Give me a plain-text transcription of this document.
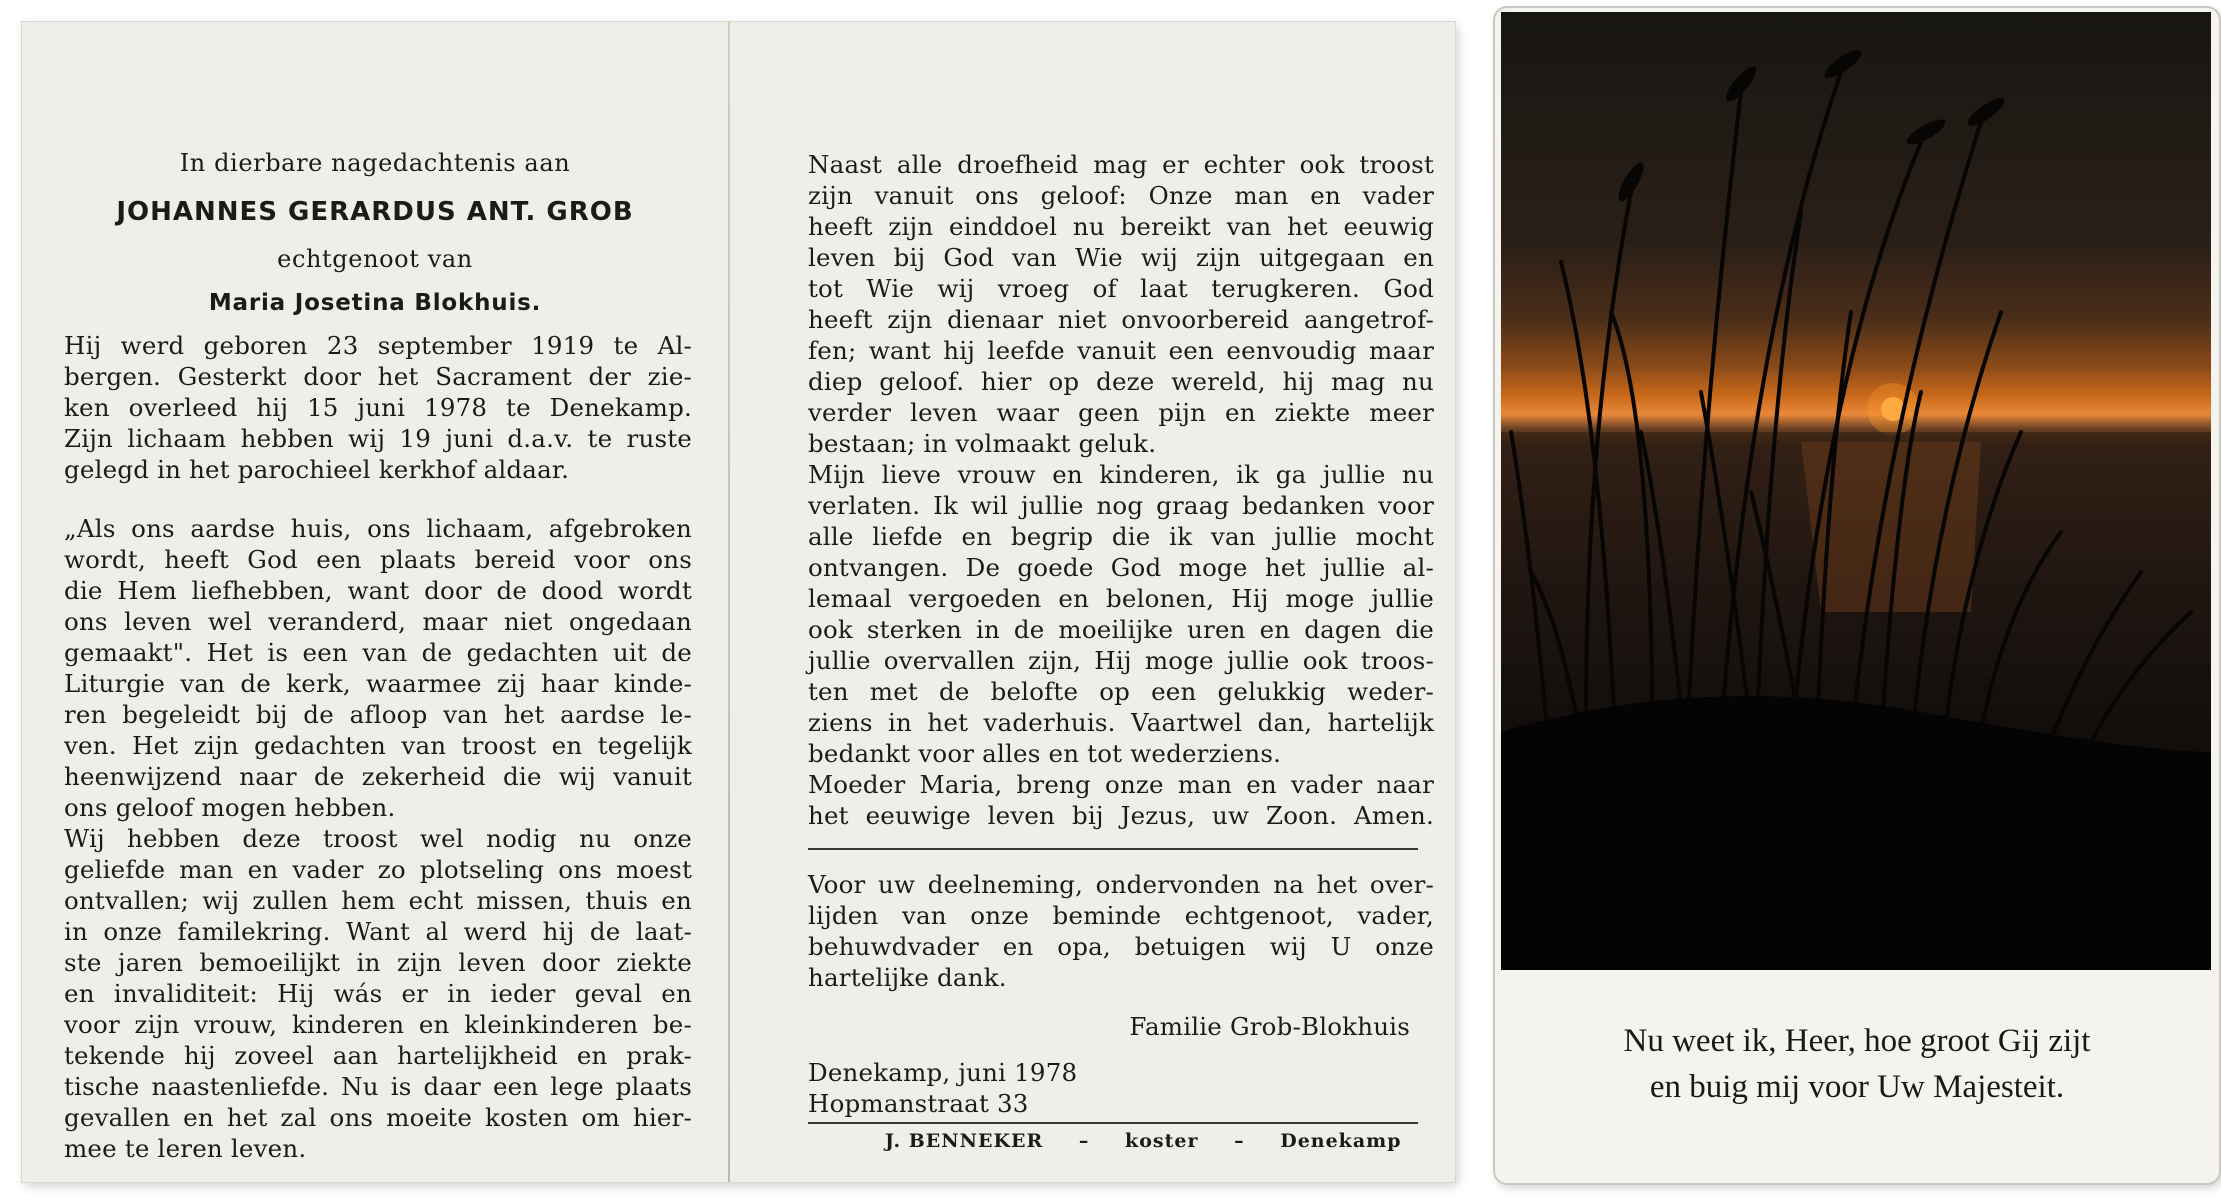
In dierbare nagedachtenis aan
JOHANNES GERARDUS ANT. GROB
echtgenoot van
Maria Josetina Blokhuis.
Hij werd geboren 23 september 1919 te Al-
bergen. Gesterkt door het Sacrament der zie-
ken overleed hij 15 juni 1978 te Denekamp.
Zijn lichaam hebben wij 19 juni d.a.v. te ruste
gelegd in het parochieel kerkhof aldaar.
„Als ons aardse huis, ons lichaam, afgebroken
wordt, heeft God een plaats bereid voor ons
die Hem liefhebben, want door de dood wordt
ons leven wel veranderd, maar niet ongedaan
gemaakt". Het is een van de gedachten uit de
Liturgie van de kerk, waarmee zij haar kinde-
ren begeleidt bij de afloop van het aardse le-
ven. Het zijn gedachten van troost en tegelijk
heenwijzend naar de zekerheid die wij vanuit
ons geloof mogen hebben.
Wij hebben deze troost wel nodig nu onze
geliefde man en vader zo plotseling ons moest
ontvallen; wij zullen hem echt missen, thuis en
in onze familekring. Want al werd hij de laat-
ste jaren bemoeilijkt in zijn leven door ziekte
en invaliditeit: Hij wás er in ieder geval en
voor zijn vrouw, kinderen en kleinkinderen be-
tekende hij zoveel aan hartelijkheid en prak-
tische naastenliefde. Nu is daar een lege plaats
gevallen en het zal ons moeite kosten om hier-
mee te leren leven.
Naast alle droefheid mag er echter ook troost
zijn vanuit ons geloof: Onze man en vader
heeft zijn einddoel nu bereikt van het eeuwig
leven bij God van Wie wij zijn uitgegaan en
tot Wie wij vroeg of laat terugkeren. God
heeft zijn dienaar niet onvoorbereid aangetrof-
fen; want hij leefde vanuit een eenvoudig maar
diep geloof. hier op deze wereld, hij mag nu
verder leven waar geen pijn en ziekte meer
bestaan; in volmaakt geluk.
Mijn lieve vrouw en kinderen, ik ga jullie nu
verlaten. Ik wil jullie nog graag bedanken voor
alle liefde en begrip die ik van jullie mocht
ontvangen. De goede God moge het jullie al-
lemaal vergoeden en belonen, Hij moge jullie
ook sterken in de moeilijke uren en dagen die
jullie overvallen zijn, Hij moge jullie ook troos-
ten met de belofte op een gelukkig weder-
ziens in het vaderhuis. Vaartwel dan, hartelijk
bedankt voor alles en tot wederziens.
Moeder Maria, breng onze man en vader naar
het eeuwige leven bij Jezus, uw Zoon. Amen.
Voor uw deelneming, ondervonden na het over-
lijden van onze beminde echtgenoot, vader,
behuwdvader en opa, betuigen wij U onze
hartelijke dank.
Familie Grob-Blokhuis
Denekamp, juni 1978
Hopmanstraat 33
J. BENNEKER – koster – Denekamp
Nu weet ik, Heer, hoe groot Gij zijt
en buig mij voor Uw Majesteit.
